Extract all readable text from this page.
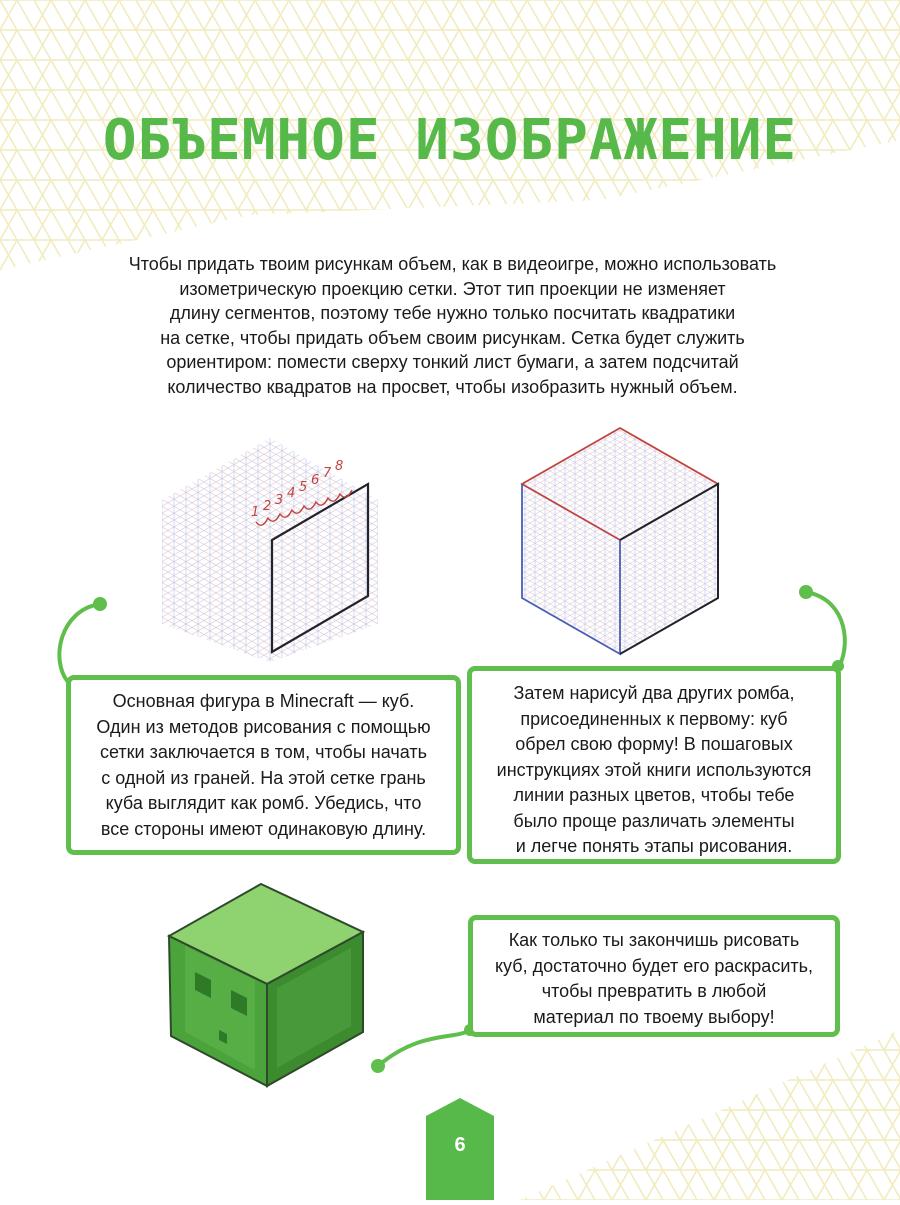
ОБЪЕМНОЕ ИЗОБРАЖЕНИЕ

Чтобы придать твоим рисункам объем, как в видеоигре, можно использовать
изометрическую проекцию сетки. Этот тип проекции не изменяет
длину сегментов, поэтому тебе нужно только посчитать квадратики
на сетке, чтобы придать объем своим рисункам. Сетка будет служить
ориентиром: помести сверху тонкий лист бумаги, а затем подсчитай
количество квадратов на просвет, чтобы изобразить нужный объем.

1 2 3 4 5 6 7 8
Основная фигура в Minecraft — куб.
Один из методов рисования с помощью
сетки заключается в том, чтобы начать
с одной из граней. На этой сетке грань
куба выглядит как ромб. Убедись, что
все стороны имеют одинаковую длину.
Затем нарисуй два других ромба,
присоединенных к первому: куб
обрел свою форму! В пошаговых
инструкциях этой книги используются
линии разных цветов, чтобы тебе
было проще различать элементы
и легче понять этапы рисования.
Как только ты закончишь рисовать
куб, достаточно будет его раскрасить,
чтобы превратить в любой
материал по твоему выбору!
6
